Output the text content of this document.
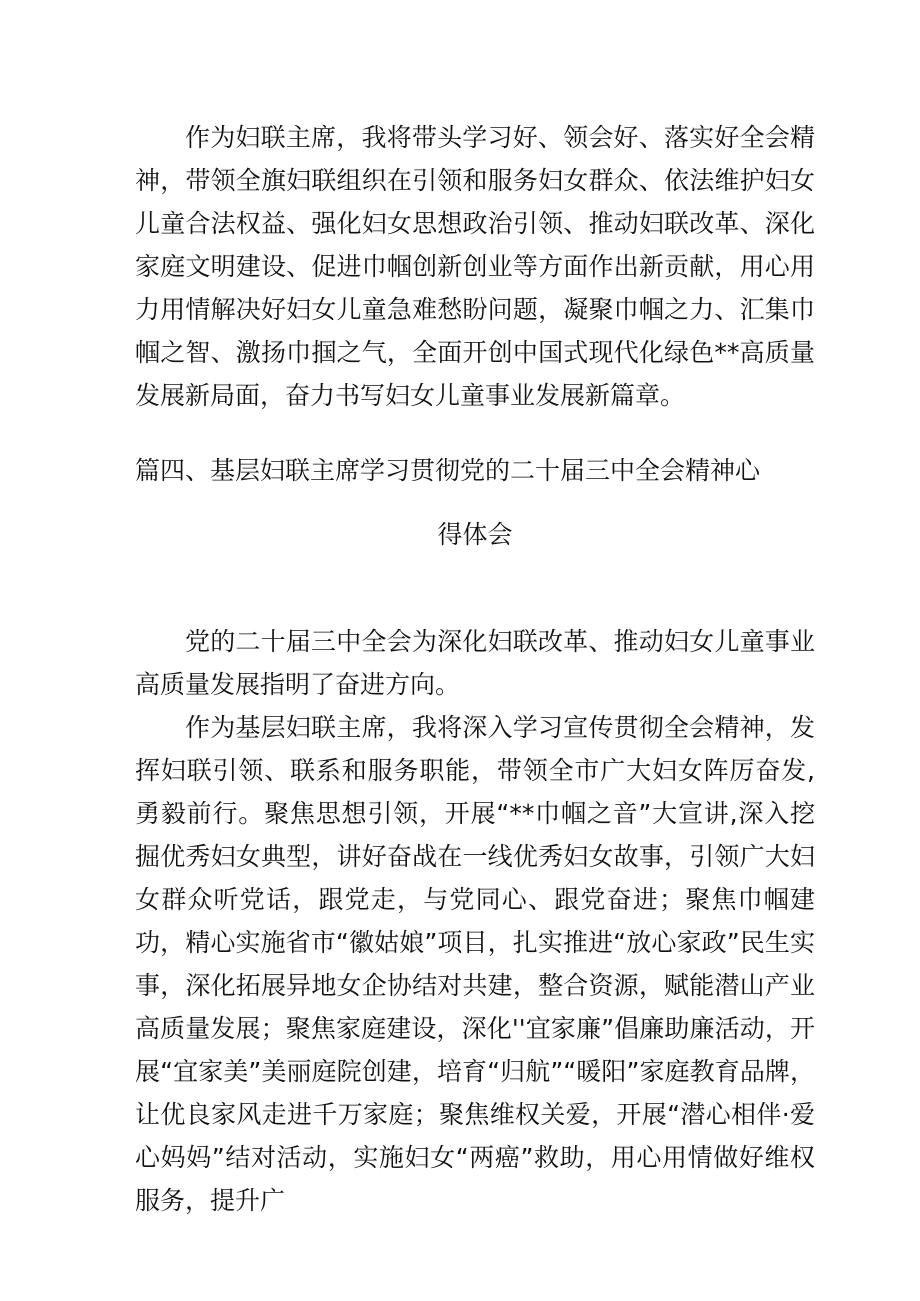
作为妇联主席，我将带头学习好、领会好、落实好全会精神，带领全旗妇联组织在引领和服务妇女群众、依法维护妇女儿童合法权益、强化妇女思想政治引领、推动妇联改革、深化家庭文明建设、促进巾帼创新创业等方面作出新贡献，用心用力用情解决好妇女儿童急难愁盼问题，凝聚巾帼之力、汇集巾帼之智、激扬巾掴之气，全面开创中国式现代化绿色**高质量发展新局面，奋力书写妇女儿童事业发展新篇章。

篇四、基层妇联主席学习贯彻党的二十届三中全会精神心

得体会

党的二十届三中全会为深化妇联改革、推动妇女儿童事业高质量发展指明了奋进方向。

作为基层妇联主席，我将深入学习宣传贯彻全会精神，发挥妇联引领、联系和服务职能，带领全市广大妇女阵厉奋发,勇毅前行。聚焦思想引领，开展“**巾帼之音”大宣讲,深入挖掘优秀妇女典型，讲好奋战在一线优秀妇女故事，引领广大妇女群众听党话，跟党走，与党同心、跟党奋进；聚焦巾帼建功，精心实施省市“徽姑娘”项目，扎实推进“放心家政”民生实事，深化拓展异地女企协结对共建，整合资源，赋能潜山产业高质量发展；聚焦家庭建设，深化''宜家廉”倡廉助廉活动，开展“宜家美”美丽庭院创建，培育“归航”“暖阳”家庭教育品牌，让优良家风走进千万家庭；聚焦维权关爱，开展“潜心相伴·爱心妈妈”结对活动，实施妇女“两癌”救助，用心用情做好维权服务，提升广
